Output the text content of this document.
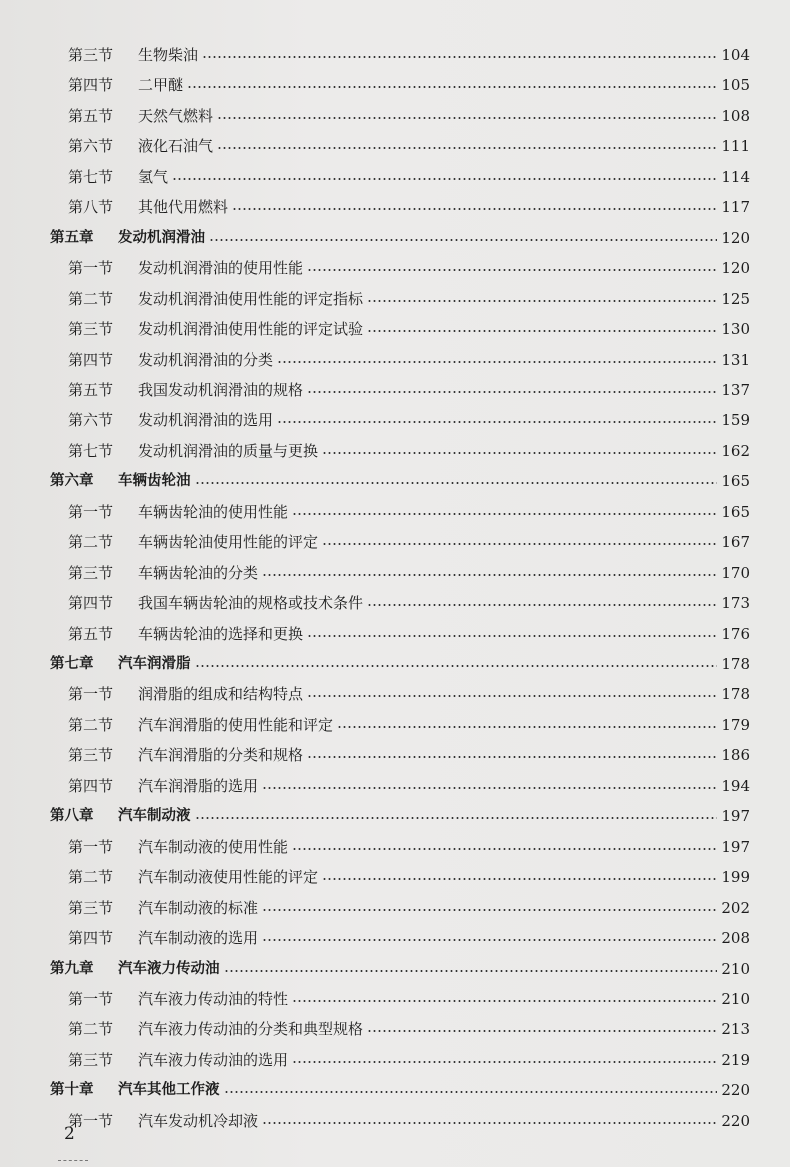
第三节 生物柴油	104
第四节 二甲醚	105
第五节 天然气燃料	108
第六节 液化石油气	111
第七节 氢气	114
第八节 其他代用燃料	117
第五章 发动机润滑油	120
第一节 发动机润滑油的使用性能	120
第二节 发动机润滑油使用性能的评定指标	125
第三节 发动机润滑油使用性能的评定试验	130
第四节 发动机润滑油的分类	131
第五节 我国发动机润滑油的规格	137
第六节 发动机润滑油的选用	159
第七节 发动机润滑油的质量与更换	162
第六章 车辆齿轮油	165
第一节 车辆齿轮油的使用性能	165
第二节 车辆齿轮油使用性能的评定	167
第三节 车辆齿轮油的分类	170
第四节 我国车辆齿轮油的规格或技术条件	173
第五节 车辆齿轮油的选择和更换	176
第七章 汽车润滑脂	178
第一节 润滑脂的组成和结构特点	178
第二节 汽车润滑脂的使用性能和评定	179
第三节 汽车润滑脂的分类和规格	186
第四节 汽车润滑脂的选用	194
第八章 汽车制动液	197
第一节 汽车制动液的使用性能	197
第二节 汽车制动液使用性能的评定	199
第三节 汽车制动液的标准	202
第四节 汽车制动液的选用	208
第九章 汽车液力传动油	210
第一节 汽车液力传动油的特性	210
第二节 汽车液力传动油的分类和典型规格	213
第三节 汽车液力传动油的选用	219
第十章 汽车其他工作液	220
第一节 汽车发动机冷却液	220
2
